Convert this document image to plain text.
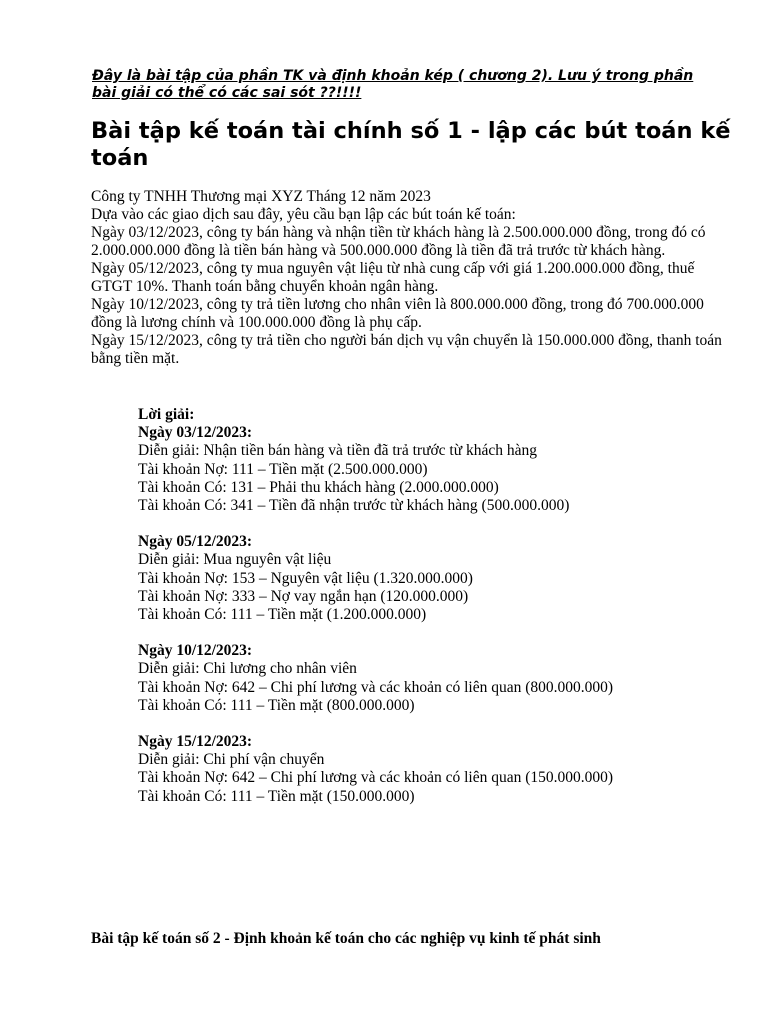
Đây là bài tập của phần TK và định khoản kép ( chương 2). Lưu ý trong phần bài giải có thể có các sai sót ??!!!!
Bài tập kế toán tài chính số 1 - lập các bút toán kế toán

Công ty TNHH Thương mại XYZ Tháng 12 năm 2023

Dựa vào các giao dịch sau đây, yêu cầu bạn lập các bút toán kế toán:

Ngày 03/12/2023, công ty bán hàng và nhận tiền từ khách hàng là 2.500.000.000 đồng, trong đó có 2.000.000.000 đồng là tiền bán hàng và 500.000.000 đồng là tiền đã trả trước từ khách hàng.

Ngày 05/12/2023, công ty mua nguyên vật liệu từ nhà cung cấp với giá 1.200.000.000 đồng, thuế GTGT 10%. Thanh toán bằng chuyển khoản ngân hàng.

Ngày 10/12/2023, công ty trả tiền lương cho nhân viên là 800.000.000 đồng, trong đó 700.000.000 đồng là lương chính và 100.000.000 đồng là phụ cấp.

Ngày 15/12/2023, công ty trả tiền cho người bán dịch vụ vận chuyển là 150.000.000 đồng, thanh toán bằng tiền mặt.

Lời giải:

Ngày 03/12/2023:

Diễn giải: Nhận tiền bán hàng và tiền đã trả trước từ khách hàng

Tài khoản Nợ: 111 – Tiền mặt (2.500.000.000)

Tài khoản Có: 131 – Phải thu khách hàng (2.000.000.000)

Tài khoản Có: 341 – Tiền đã nhận trước từ khách hàng (500.000.000)

Ngày 05/12/2023:

Diễn giải: Mua nguyên vật liệu

Tài khoản Nợ: 153 – Nguyên vật liệu (1.320.000.000)

Tài khoản Nợ: 333 – Nợ vay ngắn hạn (120.000.000)

Tài khoản Có: 111 – Tiền mặt (1.200.000.000)

Ngày 10/12/2023:

Diễn giải: Chi lương cho nhân viên

Tài khoản Nợ: 642 – Chi phí lương và các khoản có liên quan (800.000.000)

Tài khoản Có: 111 – Tiền mặt (800.000.000)

Ngày 15/12/2023:

Diễn giải: Chi phí vận chuyển

Tài khoản Nợ: 642 – Chi phí lương và các khoản có liên quan (150.000.000)

Tài khoản Có: 111 – Tiền mặt (150.000.000)

Bài tập kế toán số 2 - Định khoản kế toán cho các nghiệp vụ kinh tế phát sinh
